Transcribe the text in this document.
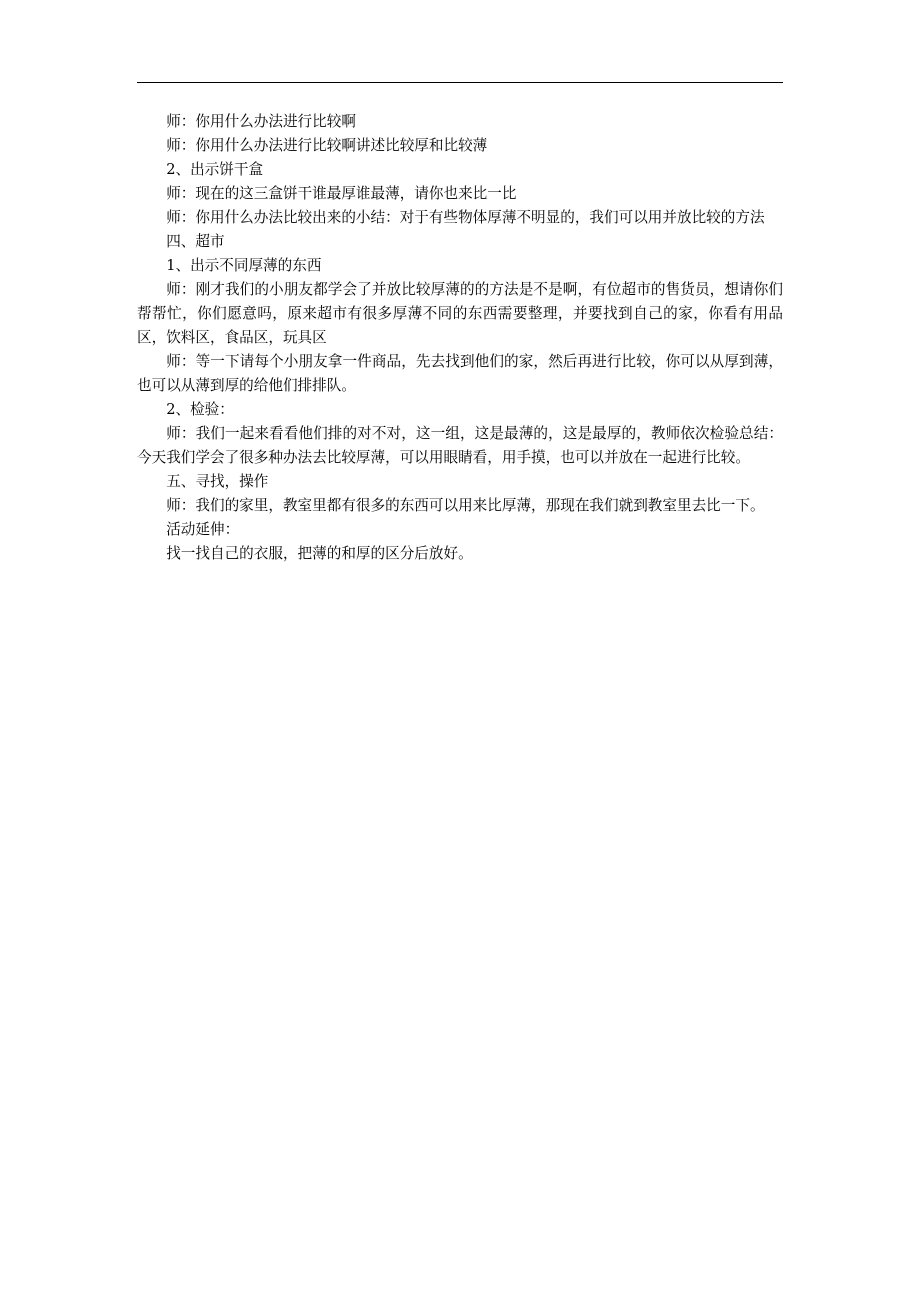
师：你用什么办法进行比较啊

师：你用什么办法进行比较啊讲述比较厚和比较薄

2、出示饼干盒

师：现在的这三盒饼干谁最厚谁最薄，请你也来比一比

师：你用什么办法比较出来的小结：对于有些物体厚薄不明显的，我们可以用并放比较的方法

四、超市

1、出示不同厚薄的东西

师：刚才我们的小朋友都学会了并放比较厚薄的的方法是不是啊，有位超市的售货员，想请你们帮帮忙，你们愿意吗，原来超市有很多厚薄不同的东西需要整理，并要找到自己的家，你看有用品区，饮料区，食品区，玩具区

师：等一下请每个小朋友拿一件商品，先去找到他们的家，然后再进行比较，你可以从厚到薄，也可以从薄到厚的给他们排排队。

2、检验：

师：我们一起来看看他们排的对不对，这一组，这是最薄的，这是最厚的，教师依次检验总结：今天我们学会了很多种办法去比较厚薄，可以用眼睛看，用手摸，也可以并放在一起进行比较。

五、寻找，操作

师：我们的家里，教室里都有很多的东西可以用来比厚薄，那现在我们就到教室里去比一下。

活动延伸：

找一找自己的衣服，把薄的和厚的区分后放好。
